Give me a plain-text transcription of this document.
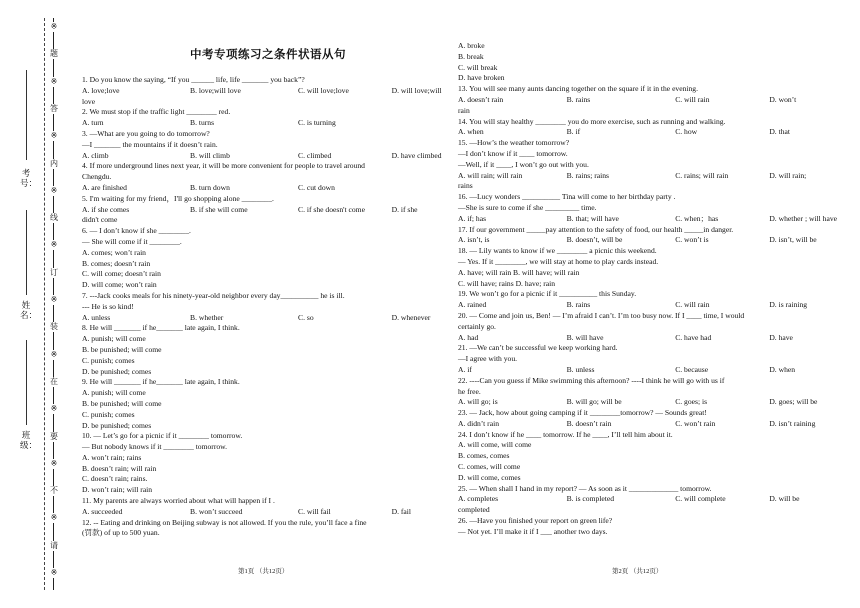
※
题
※
答
※
内
※
线
※
订
※
装
※
在
※
要
※
不
※
请
※
考号：
姓名：
班级：
中考专项练习之条件状语从句
1. Do you know the saying, “If you ______ life, life _______ you back”?
A. love;love	B. love;will love	C. will love;love	D. will love;will
love
2. We must stop if the traffic light ________ red.
A. turn	B. turns	C. is turning
3. —What are you going to do tomorrow?
—I _______ the mountains if it doesn’t rain.
A. climb	B. will climb	C. climbed	D. have climbed
4. If more underground lines next year, it will be more convenient for people to travel around
Chengdu.
A. are finished	B. turn down	C. cut down
5. I'm waiting for my friend，I'll go shopping alone ________.
A. if she comes	B. if she will come	C. if she doesn't come	D. if she
didn't come
6. — I don’t know if she ________.
— She will come if it ________.
A. comes; won’t rain
B. comes; doesn’t rain
C. will come; doesn’t rain
D. will come; won’t rain
7. ---Jack cooks meals for his ninety-year-old neighbor every day__________ he is ill.
--- He is so kind!
A. unless	B. whether	C. so	D. whenever
8. He will _______ if he_______ late again, I think.
A. punish; will come
B. be punished; will come
C. punish; comes
D. be punished; comes
9. He will _______ if he_______ late again, I think.
A. punish; will come
B. be punished; will come
C. punish; comes
D. be punished; comes
10. — Let’s go for a picnic if it ________ tomorrow.
— But nobody knows if it ________ tomorrow.
A. won’t rain; rains
B. doesn’t rain; will rain
C. doesn’t rain; rains.
D. won’t rain; will rain
11. My parents are always worried about what will happen if I .
A. succeeded	B. won’t succeed	C. will fail	D. fail
12. -- Eating and drinking on Beijing subway is not allowed. If you the rule, you’ll face a fine
(罚款) of up to 500 yuan.
A. broke
B. break
C. will break
D. have broken
13. You will see many aunts dancing together on the square if it in the evening.
A. doesn’t rain	B. rains	C. will rain	D. won’t
rain
14. You will stay healthy ________ you do more exercise, such as running and walking.
A. when	B. if	C. how	D. that
15. —How’s the weather tomorrow?
—I don’t know if it ____ tomorrow.
—Well, if it ____, I won’t go out with you.
A. will rain; will rain	B. rains; rains	C. rains; will rain	D. will rain;
rains
16. —Lucy wonders __________ Tina will come to her birthday party .
—She is sure to come if she _________ time.
A. if; has	B. that; will have	C. when；has	D. whether ; will have
17. If our government _____pay attention to the safety of food, our health _____in danger.
A. isn’t, is	B. doesn’t, will be	C. won’t is	D. isn’t, will be
18. — Lily wants to know if we ________ a picnic this weekend.
— Yes. If it ________, we will stay at home to play cards instead.
A. have; will rain B. will have; will rain
C. will have; rains D. have; rain
19. We won’t go for a picnic if it __________ this Sunday.
A. rained	B. rains	C. will rain	D. is raining
20. — Come and join us, Ben! — I’m afraid I can’t. I’m too busy now. If I ____ time, I would
certainly go.
A. had	B. will have	C. have had	D. have
21. —We can’t be successful we keep working hard.
—I agree with you.
A. if	B. unless	C. because	D. when
22. ----Can you guess if Mike swimming this afternoon? ----I think he will go with us if
he free.
A. will go; is	B. will go; will be	C. goes; is	D. goes; will be
23. — Jack, how about going camping if it ________tomorrow? — Sounds great!
A. didn’t rain	B. doesn’t rain	C. won’t rain	D. isn’t raining
24. I don’t know if he ____ tomorrow. If he ____, I’ll tell him about it.
A. will come, will come
B. comes, comes
C. comes, will come
D. will come, comes
25. — When shall I hand in my report? — As soon as it _____________ tomorrow.
A. completes	B. is completed	C. will complete	D. will be
completed
26. —Have you finished your report on green life?
— Not yet. I’ll make it if I ___ another two days.
第1页 （共12页）	第2页 （共12页）
